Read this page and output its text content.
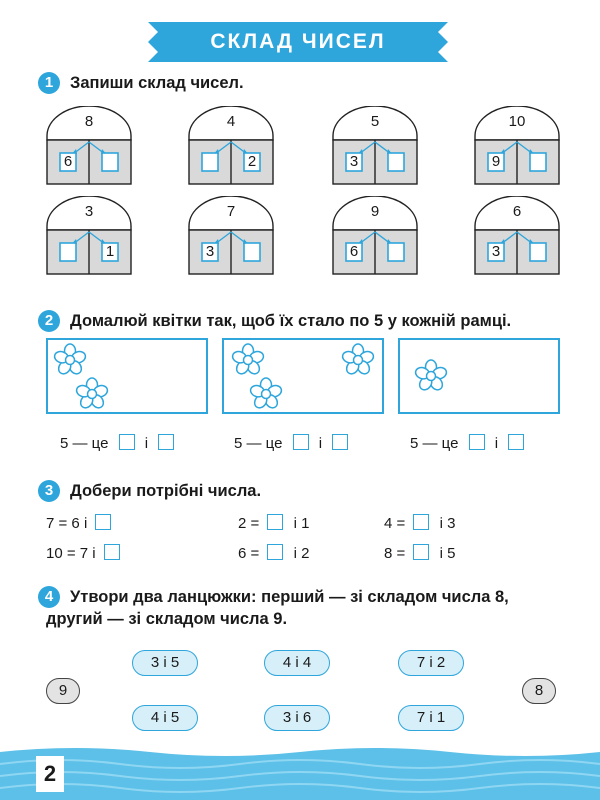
СКЛАД ЧИСЕЛ
1	Запиши склад чисел.
8
6
4
2
5
3
10
9
3
1
7
3
9
6
6
3
2	Домалюй квітки так, щоб їх стало по 5 у кожній рамці.
5 — це і	5 — це і	5 — це і
3	Добери потрібні числа.
7 = 6 і
10 = 7 і
2 = і 1
6 = і 2
4 = і 3
8 = і 5
4	Утвори два ланцюжки: перший — зі складом числа 8,
другий — зі складом числа 9.
9	8
3 і 5	4 і 4	7 і 2
4 і 5	3 і 6	7 і 1
2
